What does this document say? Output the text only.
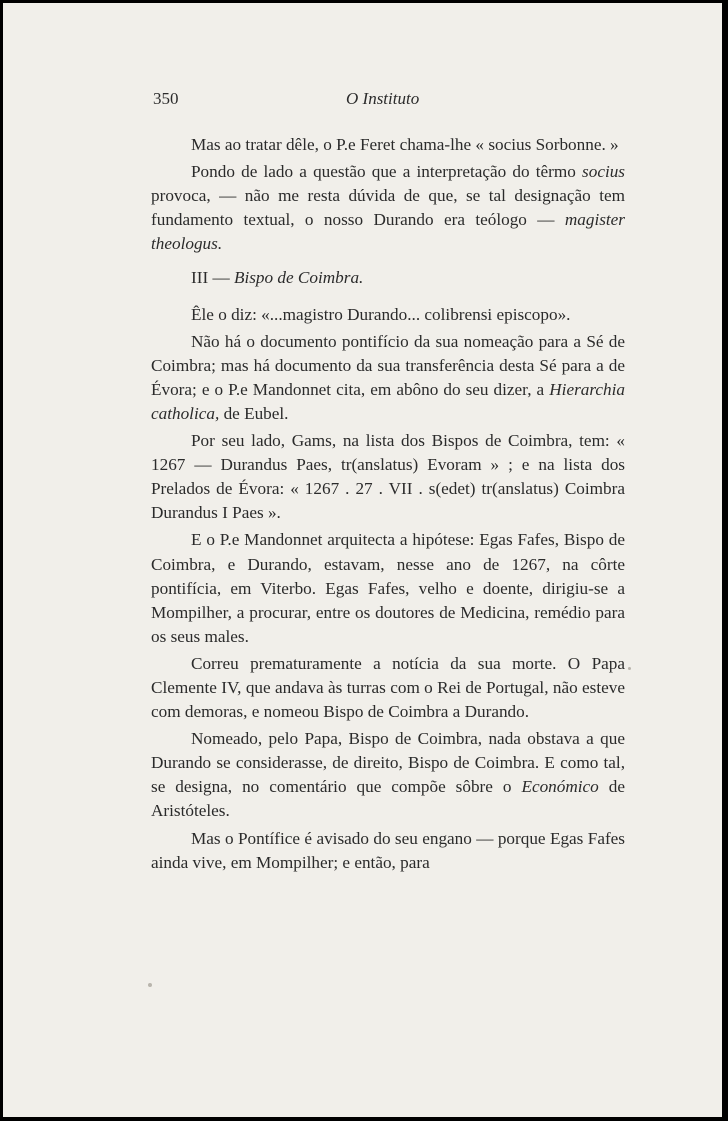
350	O Instituto

Mas ao tratar dêle, o P.e Feret chama-lhe « socius Sorbonne. »

Pondo de lado a questão que a interpretação do têrmo socius provoca, — não me resta dúvida de que, se tal designação tem fundamento textual, o nosso Durando era teólogo — magister theologus.

III — Bispo de Coimbra.

Êle o diz: «...magistro Durando... colibrensi episcopo».

Não há o documento pontifício da sua nomeação para a Sé de Coimbra; mas há documento da sua transferência desta Sé para a de Évora; e o P.e Mandonnet cita, em abôno do seu dizer, a Hierarchia catholica, de Eubel.

Por seu lado, Gams, na lista dos Bispos de Coimbra, tem: « 1267 — Durandus Paes, tr(anslatus) Evoram » ; e na lista dos Prelados de Évora: « 1267 . 27 . VII . s(edet) tr(anslatus) Coimbra Durandus I Paes ».

E o P.e Mandonnet arquitecta a hipótese: Egas Fafes, Bispo de Coimbra, e Durando, estavam, nesse ano de 1267, na côrte pontifícia, em Viterbo. Egas Fafes, velho e doente, dirigiu-se a Mompilher, a procurar, entre os doutores de Medicina, remédio para os seus males.

Correu prematuramente a notícia da sua morte. O Papa Clemente IV, que andava às turras com o Rei de Portugal, não esteve com demoras, e nomeou Bispo de Coimbra a Durando.

Nomeado, pelo Papa, Bispo de Coimbra, nada obstava a que Durando se considerasse, de direito, Bispo de Coimbra. E como tal, se designa, no comentário que compõe sôbre o Económico de Aristóteles.

Mas o Pontífice é avisado do seu engano — porque Egas Fafes ainda vive, em Mompilher; e então, para
